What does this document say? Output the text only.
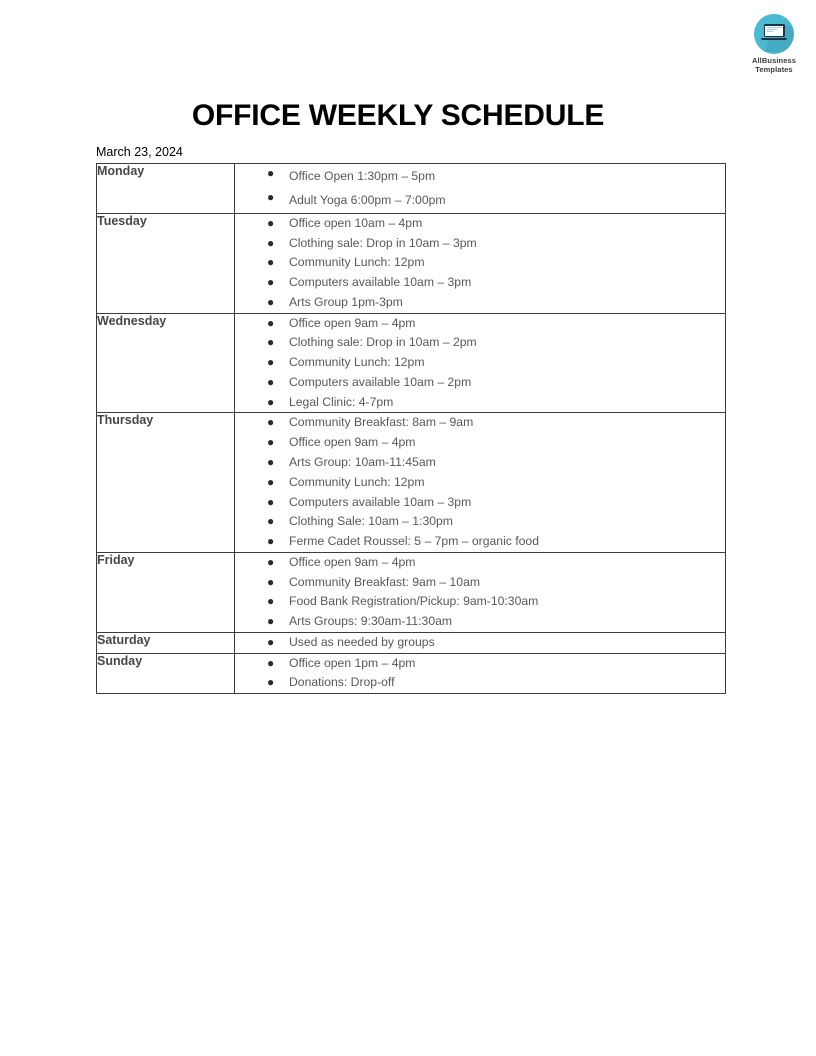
AllBusiness
Templates
OFFICE WEEKLY SCHEDULE
March 23, 2024
Monday	● Office Open 1:30pm – 5pm
● Adult Yoga 6:00pm – 7:00pm

Tuesday	● Office open 10am – 4pm
● Clothing sale: Drop in 10am – 3pm
● Community Lunch: 12pm
● Computers available 10am – 3pm
● Arts Group 1pm-3pm

Wednesday	● Office open 9am – 4pm
● Clothing sale: Drop in 10am – 2pm
● Community Lunch: 12pm
● Computers available 10am – 2pm
● Legal Clinic: 4-7pm

Thursday	● Community Breakfast: 8am – 9am
● Office open 9am – 4pm
● Arts Group: 10am-11:45am
● Community Lunch: 12pm
● Computers available 10am – 3pm
● Clothing Sale: 10am – 1:30pm
● Ferme Cadet Roussel: 5 – 7pm – organic food

Friday	● Office open 9am – 4pm
● Community Breakfast: 9am – 10am
● Food Bank Registration/Pickup: 9am-10:30am
● Arts Groups: 9:30am-11:30am

Saturday	● Used as needed by groups

Sunday	● Office open 1pm – 4pm
● Donations: Drop-off
